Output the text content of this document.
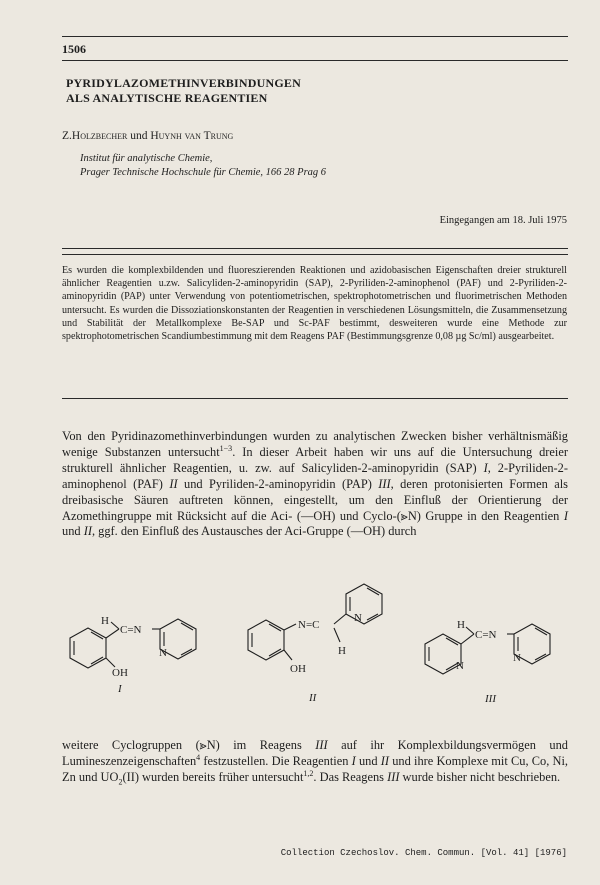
1506
PYRIDYLAZOMETHINVERBINDUNGEN
ALS ANALYTISCHE REAGENTIEN
Z.Holzbecher und Huynh van Trung
Institut für analytische Chemie,
Prager Technische Hochschule für Chemie, 166 28 Prag 6
Eingegangen am 18. Juli 1975

Es wurden die komplexbildenden und fluoreszierenden Reaktionen und azidobasischen Eigenschaften dreier strukturell ähnlicher Reagentien u.zw. Salicyliden-2-aminopyridin (SAP), 2-Pyriliden-2-aminophenol (PAF) und 2-Pyriliden-2-aminopyridin (PAP) unter Verwendung von potentiometrischen, spektrophotometrischen und fluorimetrischen Methoden untersucht. Es wurden die Dissoziationskonstanten der Reagentien in verschiedenen Lösungsmitteln, die Zusammensetzung und Stabilität der Metallkomplexe Be-SAP und Sc-PAF bestimmt, desweiteren wurde eine Methode zur spektrophotometrischen Scandiumbestimmung mit dem Reagens PAF (Bestimmungsgrenze 0,08 µg Sc/ml) ausgearbeitet.

Von den Pyridinazomethinverbindungen wurden zu analytischen Zwecken bisher verhältnismäßig wenige Substanzen untersucht$^{1-3}$. In dieser Arbeit haben wir uns auf die Untersuchung dreier strukturell ähnlicher Reagentien, u. zw. auf Salicyliden-2-aminopyridin (SAP) I, 2-Pyriliden-2-aminophenol (PAF) II und Pyriliden-2-aminopyridin (PAP) III, deren protonisierten Formen als dreibasische Säuren auftreten können, eingestellt, um den Einfluß der Orientierung der Azomethingruppe mit Rücksicht auf die Aci- (—OH) und Cyclo-(⪢N) Gruppe in den Reagentien I und II, ggf. den Einfluß des Austausches der Aci-Gruppe (—OH) durch

H
C=N
N
OH
I
N=C
N
H
OH
II
H
C=N
N
N
III

weitere Cyclogruppen (⪢N) im Reagens III auf ihr Komplexbildungsvermögen und Lumineszenzeigenschaften$^4$ festzustellen. Die Reagentien I und II und ihre Komplexe mit Cu, Co, Ni, Zn und $UO_2(II)$ wurden bereits früher untersucht$^{1,2}$. Das Reagens III wurde bisher nicht beschrieben.

Collection Czechoslov. Chem. Commun. [Vol. 41] [1976]
